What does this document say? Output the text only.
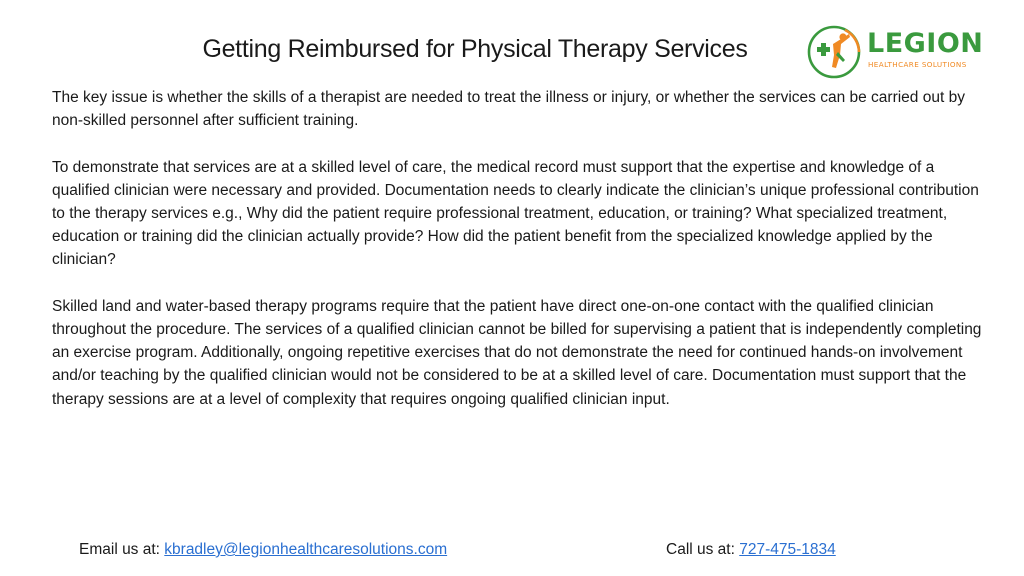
Getting Reimbursed for Physical Therapy Services	LEGION
HEALTHCARE SOLUTIONS

The key issue is whether the skills of a therapist are needed to treat the illness or injury, or whether the services can be carried out by non-skilled personnel after sufficient training.

To demonstrate that services are at a skilled level of care, the medical record must support that the expertise and knowledge of a qualified clinician were necessary and provided. Documentation needs to clearly indicate the clinician’s unique professional contribution to the therapy services e.g., Why did the patient require professional treatment, education, or training? What specialized treatment, education or training did the clinician actually provide? How did the patient benefit from the specialized knowledge applied by the clinician?

Skilled land and water-based therapy programs require that the patient have direct one-on-one contact with the qualified clinician throughout the procedure. The services of a qualified clinician cannot be billed for supervising a patient that is independently completing an exercise program. Additionally, ongoing repetitive exercises that do not demonstrate the need for continued hands-on involvement and/or teaching by the qualified clinician would not be considered to be at a skilled level of care. Documentation must support that the therapy sessions are at a level of complexity that requires ongoing qualified clinician input.

Email us at: kbradley@legionhealthcaresolutions.com	Call us at: 727-475-1834
